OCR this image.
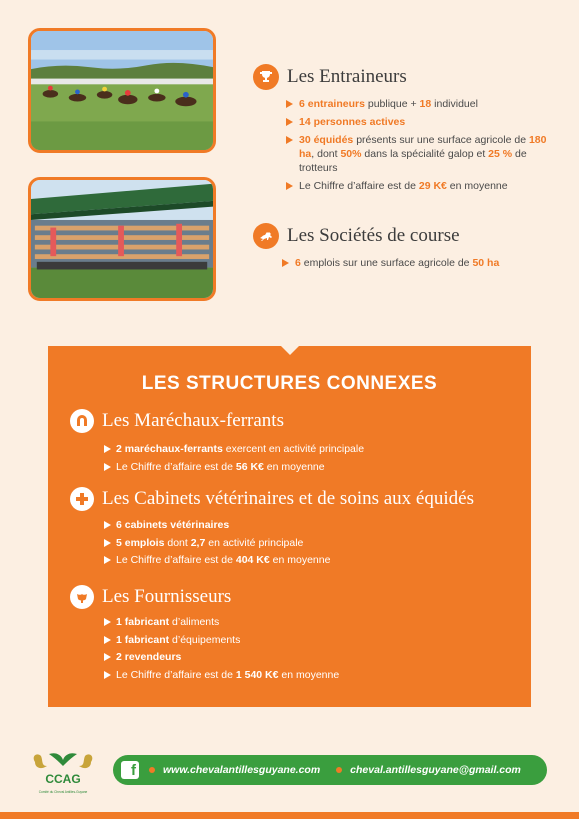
Les Entraineurs
6 entraineurs publique + 18 individuel
14 personnes actives
30 équidés présents sur une surface agricole de 180 ha, dont 50% dans la spécialité galop et 25 % de trotteurs
Le Chiffre d’affaire est de 29 K€ en moyenne
Les Sociétés de course
6 emplois sur une surface agricole de 50 ha
LES STRUCTURES CONNEXES
Les Maréchaux-ferrants
2 maréchaux-ferrants exercent en activité principale
Le Chiffre d’affaire est de 56 K€ en moyenne
Les Cabinets vétérinaires et de soins aux équidés
6 cabinets vétérinaires
5 emplois dont 2,7 en activité principale
Le Chiffre d’affaire est de 404 K€ en moyenne
Les Fournisseurs
1 fabricant d’aliments
1 fabricant d’équipements
2 revendeurs
Le Chiffre d’affaire est de 1 540 K€ en moyenne
CCAG
Comité du Cheval Antilles-Guyane
f	www.chevalantillesguyane.com	cheval.antillesguyane@gmail.com
